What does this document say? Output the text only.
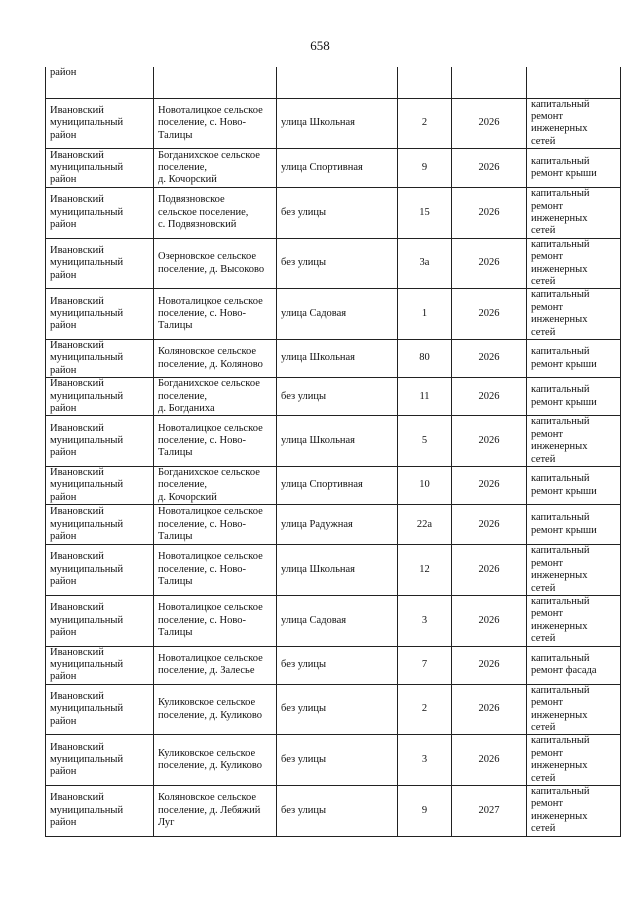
658
район					
Ивановский
муниципальный
район	Новоталицкое сельское
поселение, с. Ново-
Талицы	улица Школьная	2	2026	капитальный
ремонт
инженерных
сетей
Ивановский
муниципальный
район	Богданихское сельское
поселение,
д. Кочорский	улица Спортивная	9	2026	капитальный
ремонт крыши
Ивановский
муниципальный
район	Подвязновское
сельское поселение,
с. Подвязновский	без улицы	15	2026	капитальный
ремонт
инженерных
сетей
Ивановский
муниципальный
район	Озерновское сельское
поселение, д. Высоково	без улицы	3а	2026	капитальный
ремонт
инженерных
сетей
Ивановский
муниципальный
район	Новоталицкое сельское
поселение, с. Ново-
Талицы	улица Садовая	1	2026	капитальный
ремонт
инженерных
сетей
Ивановский
муниципальный
район	Коляновское сельское
поселение, д. Коляново	улица Школьная	80	2026	капитальный
ремонт крыши
Ивановский
муниципальный
район	Богданихское сельское
поселение,
д. Богданиха	без улицы	11	2026	капитальный
ремонт крыши
Ивановский
муниципальный
район	Новоталицкое сельское
поселение, с. Ново-
Талицы	улица Школьная	5	2026	капитальный
ремонт
инженерных
сетей
Ивановский
муниципальный
район	Богданихское сельское
поселение,
д. Кочорский	улица Спортивная	10	2026	капитальный
ремонт крыши
Ивановский
муниципальный
район	Новоталицкое сельское
поселение, с. Ново-
Талицы	улица Радужная	22а	2026	капитальный
ремонт крыши
Ивановский
муниципальный
район	Новоталицкое сельское
поселение, с. Ново-
Талицы	улица Школьная	12	2026	капитальный
ремонт
инженерных
сетей
Ивановский
муниципальный
район	Новоталицкое сельское
поселение, с. Ново-
Талицы	улица Садовая	3	2026	капитальный
ремонт
инженерных
сетей
Ивановский
муниципальный
район	Новоталицкое сельское
поселение, д. Залесье	без улицы	7	2026	капитальный
ремонт фасада
Ивановский
муниципальный
район	Куликовское сельское
поселение, д. Куликово	без улицы	2	2026	капитальный
ремонт
инженерных
сетей
Ивановский
муниципальный
район	Куликовское сельское
поселение, д. Куликово	без улицы	3	2026	капитальный
ремонт
инженерных
сетей
Ивановский
муниципальный
район	Коляновское сельское
поселение, д. Лебяжий
Луг	без улицы	9	2027	капитальный
ремонт
инженерных
сетей
